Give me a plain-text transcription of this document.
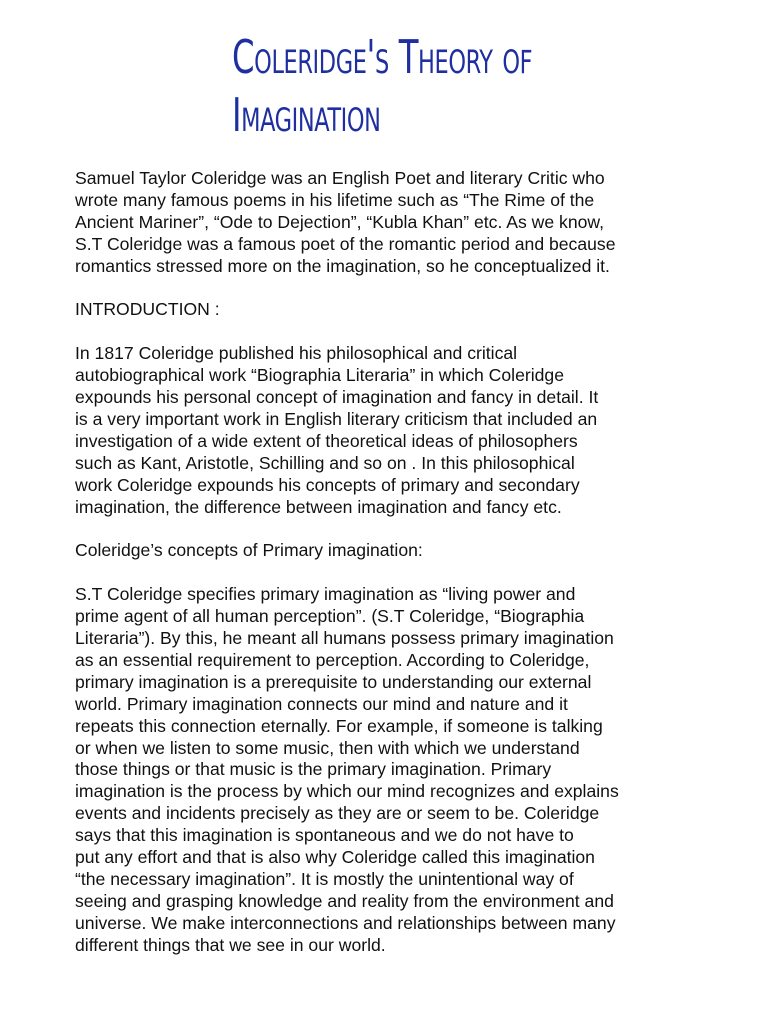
Coleridge's Theory of
Imagination

Samuel Taylor Coleridge was an English Poet and literary Critic who
wrote many famous poems in his lifetime such as “The Rime of the
Ancient Mariner”, “Ode to Dejection”, “Kubla Khan” etc. As we know,
S.T Coleridge was a famous poet of the romantic period and because
romantics stressed more on the imagination, so he conceptualized it.

INTRODUCTION :

In 1817 Coleridge published his philosophical and critical
autobiographical work “Biographia Literaria” in which Coleridge
expounds his personal concept of imagination and fancy in detail. It
is a very important work in English literary criticism that included an
investigation of a wide extent of theoretical ideas of philosophers
such as Kant, Aristotle, Schilling and so on . In this philosophical
work Coleridge expounds his concepts of primary and secondary
imagination, the difference between imagination and fancy etc.

Coleridge’s concepts of Primary imagination:

S.T Coleridge specifies primary imagination as “living power and
prime agent of all human perception”. (S.T Coleridge, “Biographia
Literaria”). By this, he meant all humans possess primary imagination
as an essential requirement to perception. According to Coleridge,
primary imagination is a prerequisite to understanding our external
world. Primary imagination connects our mind and nature and it
repeats this connection eternally. For example, if someone is talking
or when we listen to some music, then with which we understand
those things or that music is the primary imagination. Primary
imagination is the process by which our mind recognizes and explains
events and incidents precisely as they are or seem to be. Coleridge
says that this imagination is spontaneous and we do not have to
put any effort and that is also why Coleridge called this imagination
“the necessary imagination”. It is mostly the unintentional way of
seeing and grasping knowledge and reality from the environment and
universe. We make interconnections and relationships between many
different things that we see in our world.
